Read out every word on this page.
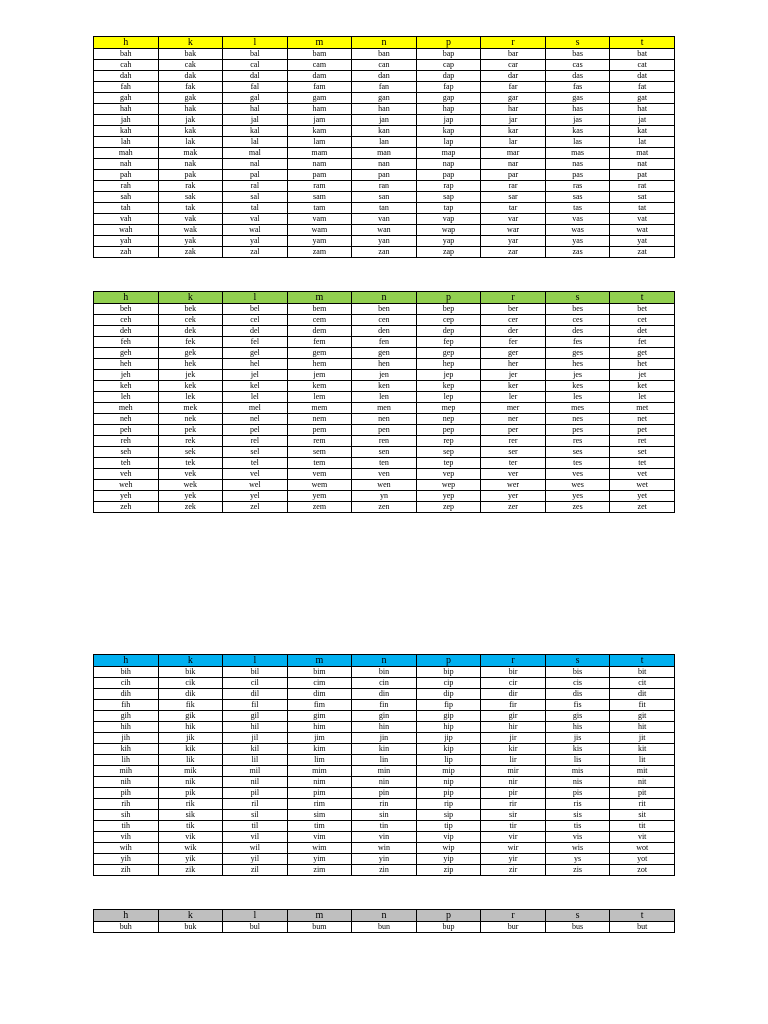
h	k	l	m	n	p	r	s	t
bah	bak	bal	bam	ban	bap	bar	bas	bat
cah	cak	cal	cam	can	cap	car	cas	cat
dah	dak	dal	dam	dan	dap	dar	das	dat
fah	fak	fal	fam	fan	fap	far	fas	fat
gah	gak	gal	gam	gan	gap	gar	gas	gat
hah	hak	hal	ham	han	hap	har	has	hat
jah	jak	jal	jam	jan	jap	jar	jas	jat
kah	kak	kal	kam	kan	kap	kar	kas	kat
lah	lak	lal	lam	lan	lap	lar	las	lat
mah	mak	mal	mam	man	map	mar	mas	mat
nah	nak	nal	nam	nan	nap	nar	nas	nat
pah	pak	pal	pam	pan	pap	par	pas	pat
rah	rak	ral	ram	ran	rap	rar	ras	rat
sah	sak	sal	sam	san	sap	sar	sas	sat
tah	tak	tal	tam	tan	tap	tar	tas	tat
vah	vak	val	vam	van	vap	var	vas	vat
wah	wak	wal	wam	wan	wap	war	was	wat
yah	yak	yal	yam	yan	yap	yar	yas	yat
zah	zak	zal	zam	zan	zap	zar	zas	zat
h	k	l	m	n	p	r	s	t
beh	bek	bel	bem	ben	bep	ber	bes	bet
ceh	cek	cel	cem	cen	cep	cer	ces	cet
deh	dek	del	dem	den	dep	der	des	det
feh	fek	fel	fem	fen	fep	fer	fes	fet
geh	gek	gel	gem	gen	gep	ger	ges	get
heh	hek	hel	hem	hen	hep	her	hes	het
jeh	jek	jel	jem	jen	jep	jer	jes	jet
keh	kek	kel	kem	ken	kep	ker	kes	ket
leh	lek	lel	lem	len	lep	ler	les	let
meh	mek	mel	mem	men	mep	mer	mes	met
neh	nek	nel	nem	nen	nep	ner	nes	net
peh	pek	pel	pem	pen	pep	per	pes	pet
reh	rek	rel	rem	ren	rep	rer	res	ret
seh	sek	sel	sem	sen	sep	ser	ses	set
teh	tek	tel	tem	ten	tep	ter	tes	tet
veh	vek	vel	vem	ven	vep	ver	ves	vet
weh	wek	wel	wem	wen	wep	wer	wes	wet
yeh	yek	yel	yem	yn	yep	yer	yes	yet
zeh	zek	zel	zem	zen	zep	zer	zes	zet
h	k	l	m	n	p	r	s	t
bih	bik	bil	bim	bin	bip	bir	bis	bit
cih	cik	cil	cim	cin	cip	cir	cis	cit
dih	dik	dil	dim	din	dip	dir	dis	dit
fih	fik	fil	fim	fin	fip	fir	fis	fit
gih	gik	gil	gim	gin	gip	gir	gis	git
hih	hik	hil	him	hin	hip	hir	his	hit
jih	jik	jil	jim	jin	jip	jir	jis	jit
kih	kik	kil	kim	kin	kip	kir	kis	kit
lih	lik	lil	lim	lin	lip	lir	lis	lit
mih	mik	mil	mim	min	mip	mir	mis	mit
nih	nik	nil	nim	nin	nip	nir	nis	nit
pih	pik	pil	pim	pin	pip	pir	pis	pit
rih	rik	ril	rim	rin	rip	rir	ris	rit
sih	sik	sil	sim	sin	sip	sir	sis	sit
tih	tik	til	tim	tin	tip	tir	tis	tit
vih	vik	vil	vim	vin	vip	vir	vis	vit
wih	wik	wil	wim	win	wip	wir	wis	wot
yih	yik	yil	yim	yin	yip	yir	ys	yot
zih	zik	zil	zim	zin	zip	zir	zis	zot
h	k	l	m	n	p	r	s	t
buh	buk	bul	bum	bun	bup	bur	bus	but
